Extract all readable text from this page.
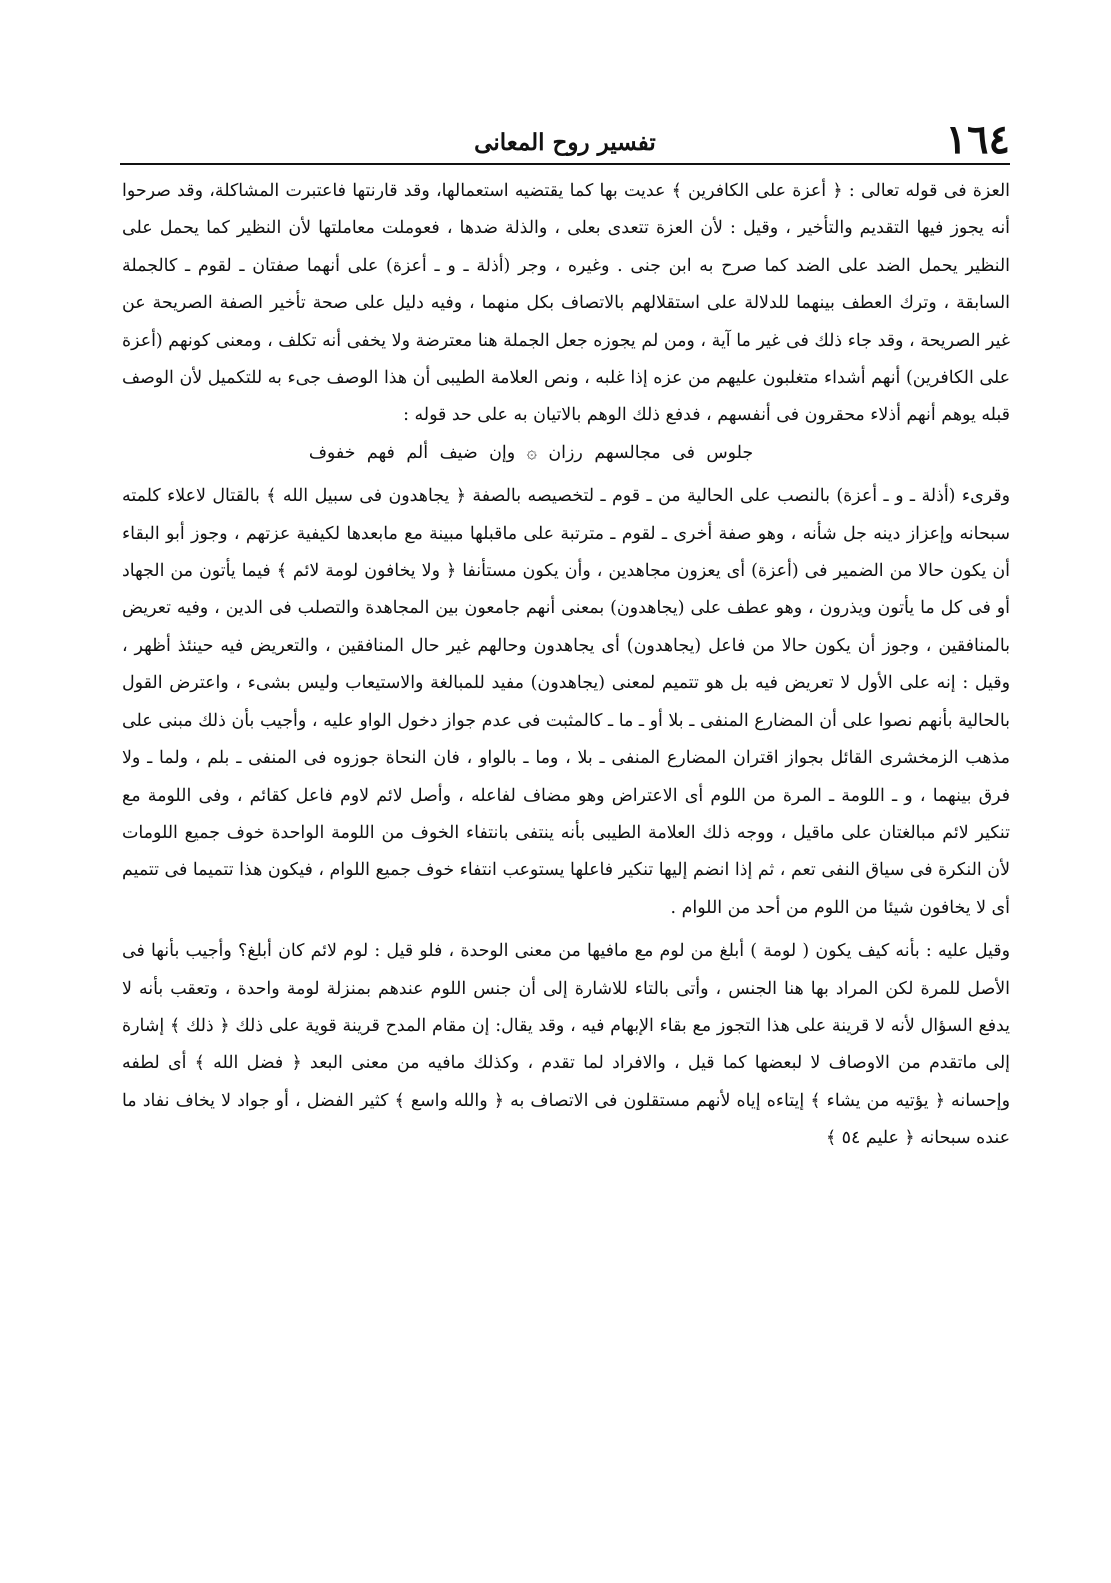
١٦٤
تفسير روح المعانى

العزة فى قوله تعالى : ﴿ أعزة على الكافرين ﴾ عديت بها كما يقتضيه استعمالها، وقد قارنتها فاعتبرت المشاكلة، وقد صرحوا أنه يجوز فيها التقديم والتأخير ، وقيل : لأن العزة تتعدى بعلى ، والذلة ضدها ، فعوملت معاملتها لأن النظير كما يحمل على النظير يحمل الضد على الضد كما صرح به ابن جنى . وغيره ، وجر (أذلة ـ و ـ أعزة) على أنهما صفتان ـ لقوم ـ كالجملة السابقة ، وترك العطف بينهما للدلالة على استقلالهم بالاتصاف بكل منهما ، وفيه دليل على صحة تأخير الصفة الصريحة عن غير الصريحة ، وقد جاء ذلك فى غير ما آية ، ومن لم يجوزه جعل الجملة هنا معترضة ولا يخفى أنه تكلف ، ومعنى كونهم (أعزة على الكافرين) أنهم أشداء متغلبون عليهم من عزه إذا غلبه ، ونص العلامة الطيبى أن هذا الوصف جىء به للتكميل لأن الوصف قبله يوهم أنهم أذلاء محقرون فى أنفسهم ، فدفع ذلك الوهم بالاتيان به على حد قوله :

جلوس فى مجالسهم رزان ۞ وإن ضيف ألم فهم خفوف

وقرىء (أذلة ـ و ـ أعزة) بالنصب على الحالية من ـ قوم ـ لتخصيصه بالصفة ﴿ يجاهدون فى سبيل الله ﴾ بالقتال لاعلاء كلمته سبحانه وإعزاز دينه جل شأنه ، وهو صفة أخرى ـ لقوم ـ مترتبة على ماقبلها مبينة مع مابعدها لكيفية عزتهم ، وجوز أبو البقاء أن يكون حالا من الضمير فى (أعزة) أى يعزون مجاهدين ، وأن يكون مستأنفا ﴿ ولا يخافون لومة لائم ﴾ فيما يأتون من الجهاد أو فى كل ما يأتون ويذرون ، وهو عطف على (يجاهدون) بمعنى أنهم جامعون بين المجاهدة والتصلب فى الدين ، وفيه تعريض بالمنافقين ، وجوز أن يكون حالا من فاعل (يجاهدون) أى يجاهدون وحالهم غير حال المنافقين ، والتعريض فيه حينئذ أظهر ، وقيل : إنه على الأول لا تعريض فيه بل هو تتميم لمعنى (يجاهدون) مفيد للمبالغة والاستيعاب وليس بشىء ، واعترض القول بالحالية بأنهم نصوا على أن المضارع المنفى ـ بلا أو ـ ما ـ كالمثبت فى عدم جواز دخول الواو عليه ، وأجيب بأن ذلك مبنى على مذهب الزمخشرى القائل بجواز اقتران المضارع المنفى ـ بلا ، وما ـ بالواو ، فان النحاة جوزوه فى المنفى ـ بلم ، ولما ـ ولا فرق بينهما ، و ـ اللومة ـ المرة من اللوم أى الاعتراض وهو مضاف لفاعله ، وأصل لائم لاوم فاعل كقائم ، وفى اللومة مع تنكير لائم مبالغتان على ماقيل ، ووجه ذلك العلامة الطيبى بأنه ينتفى بانتفاء الخوف من اللومة الواحدة خوف جميع اللومات لأن النكرة فى سياق النفى تعم ، ثم إذا انضم إليها تنكير فاعلها يستوعب انتفاء خوف جميع اللوام ، فيكون هذا تتميما فى تتميم أى لا يخافون شيئا من اللوم من أحد من اللوام .

وقيل عليه : بأنه كيف يكون ( لومة ) أبلغ من لوم مع مافيها من معنى الوحدة ، فلو قيل : لوم لائم كان أبلغ؟ وأجيب بأنها فى الأصل للمرة لكن المراد بها هنا الجنس ، وأتى بالتاء للاشارة إلى أن جنس اللوم عندهم بمنزلة لومة واحدة ، وتعقب بأنه لا يدفع السؤال لأنه لا قرينة على هذا التجوز مع بقاء الإبهام فيه ، وقد يقال: إن مقام المدح قرينة قوية على ذلك ﴿ ذلك ﴾ إشارة إلى ماتقدم من الاوصاف لا لبعضها كما قيل ، والافراد لما تقدم ، وكذلك مافيه من معنى البعد ﴿ فضل الله ﴾ أى لطفه وإحسانه ﴿ يؤتيه من يشاء ﴾ إيتاءه إياه لأنهم مستقلون فى الاتصاف به ﴿ والله واسع ﴾ كثير الفضل ، أو جواد لا يخاف نفاد ما عنده سبحانه ﴿ عليم ٥٤ ﴾
